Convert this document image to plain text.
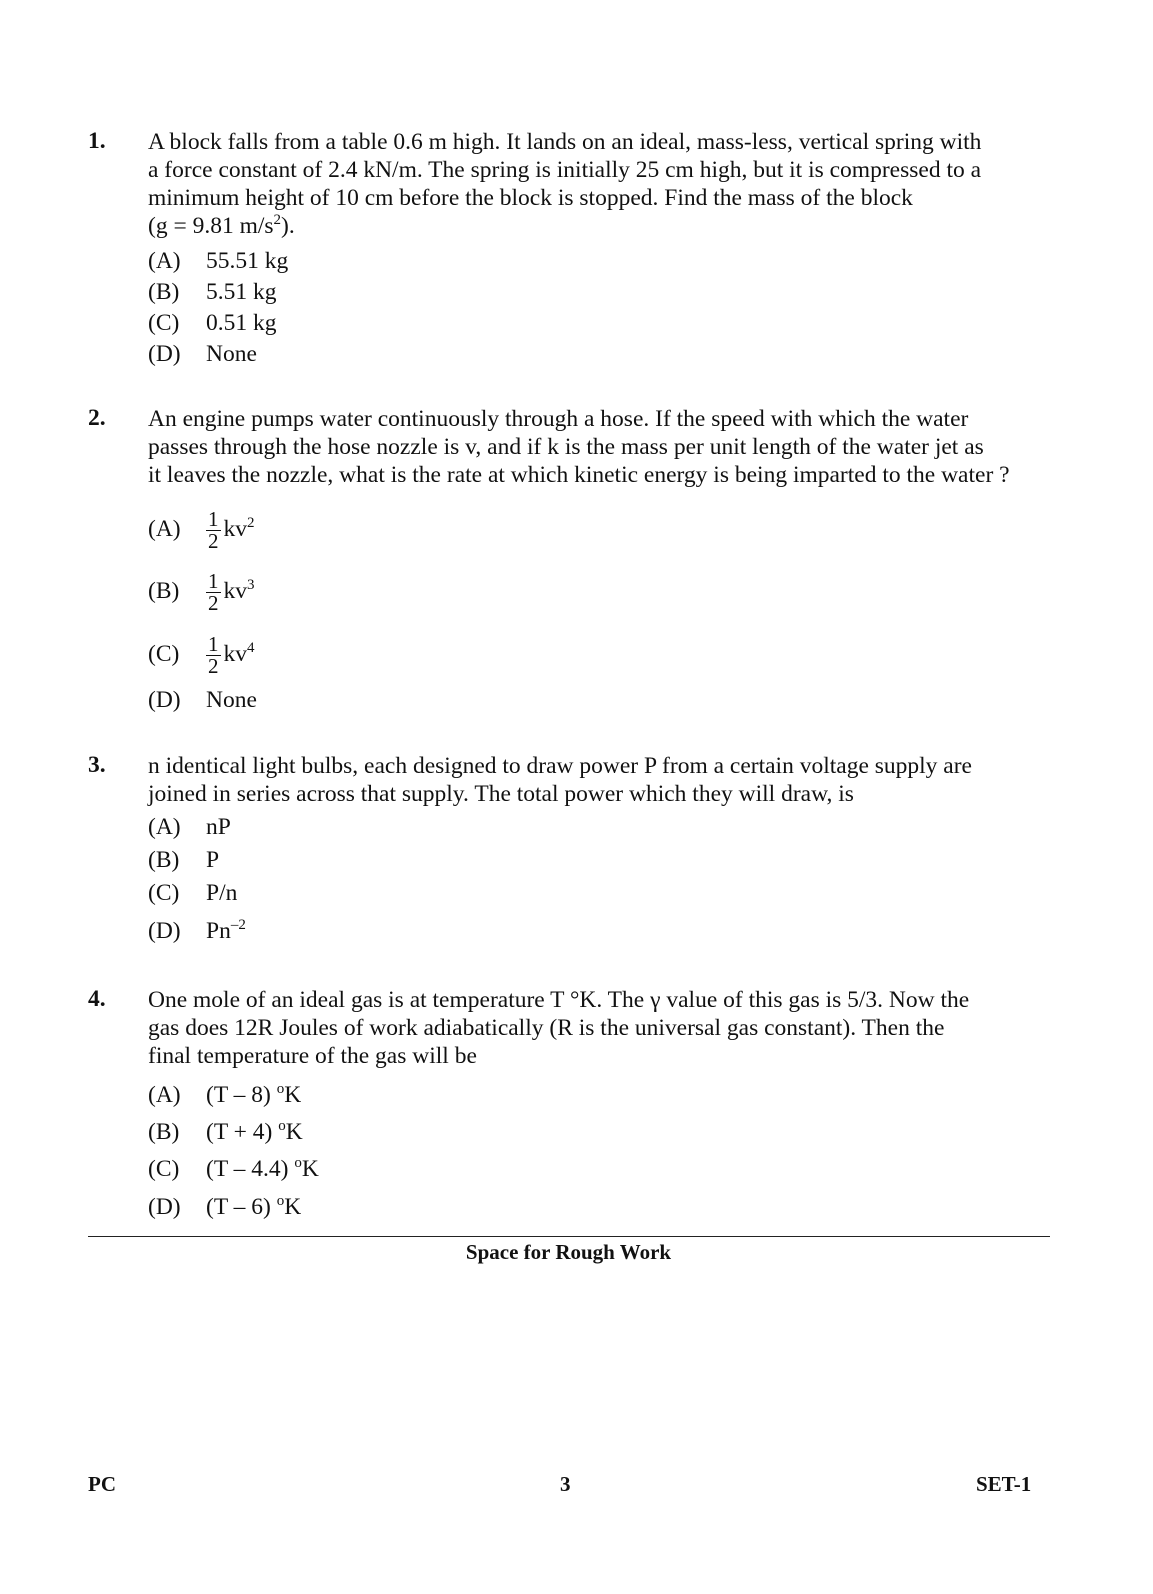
1. A block falls from a table 0.6 m high. It lands on an ideal, mass-less, vertical spring with
a force constant of 2.4 kN/m. The spring is initially 25 cm high, but it is compressed to a
minimum height of 10 cm before the block is stopped. Find the mass of the block
(g = 9.81 $m/s^2$).
(A) 55.51 kg
(B) 5.51 kg
(C) 0.51 kg
(D) None
2. An engine pumps water continuously through a hose. If the speed with which the water
passes through the hose nozzle is v, and if k is the mass per unit length of the water jet as
it leaves the nozzle, what is the rate at which kinetic energy is being imparted to the water ?
$(A) \frac{1}{2} kv^2$
$(B) \frac{1}{2} kv^3$
$(C) \frac{1}{2} kv^4$
(D) None
3. n identical light bulbs, each designed to draw power P from a certain voltage supply are
joined in series across that supply. The total power which they will draw, is
(A) nP
(B) P
(C) P/n
(D) $Pn^{-2}$
4. One mole of an ideal gas is at temperature T °K. The γ value of this gas is 5/3. Now the
gas does 12R Joules of work adiabatically (R is the universal gas constant). Then the
final temperature of the gas will be
(A) (T – 8) $^o$K
(B) (T + 4) $^o$K
(C) (T – 4.4) $^o$K
(D) (T – 6) $^o$K
Space for Rough Work
PC	3	SET-1
